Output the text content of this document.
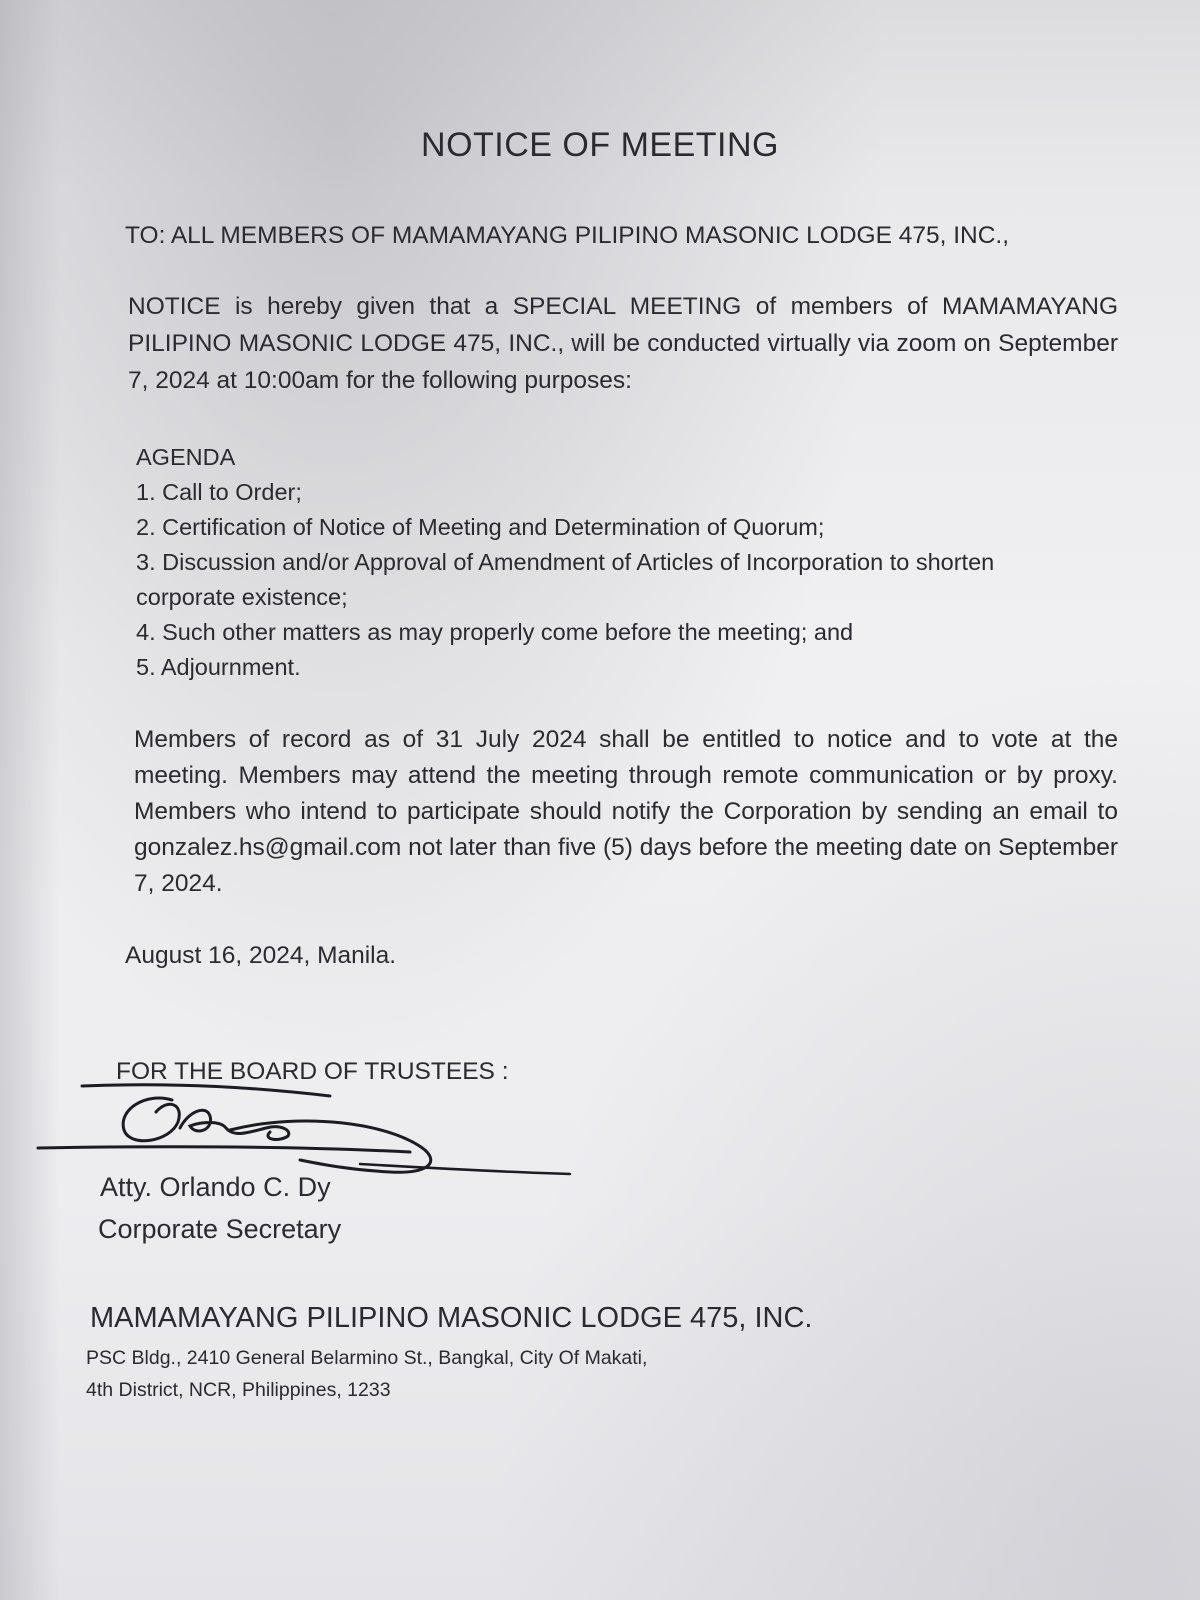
NOTICE OF MEETING
TO: ALL MEMBERS OF MAMAMAYANG PILIPINO MASONIC LODGE 475, INC.,
NOTICE is hereby given that a SPECIAL MEETING of members of MAMAMAYANG PILIPINO MASONIC LODGE 475, INC., will be conducted virtually via zoom on September 7, 2024 at 10:00am for the following purposes:
AGENDA
1. Call to Order;
2. Certification of Notice of Meeting and Determination of Quorum;
3. Discussion and/or Approval of Amendment of Articles of Incorporation to shorten corporate existence;
4. Such other matters as may properly come before the meeting; and
5. Adjournment.
Members of record as of 31 July 2024 shall be entitled to notice and to vote at the meeting. Members may attend the meeting through remote communication or by proxy. Members who intend to participate should notify the Corporation by sending an email to gonzalez.hs@gmail.com not later than five (5) days before the meeting date on September 7, 2024.
August 16, 2024, Manila.
FOR THE BOARD OF TRUSTEES :
Atty. Orlando C. Dy
Corporate Secretary
MAMAMAYANG PILIPINO MASONIC LODGE 475, INC.
PSC Bldg., 2410 General Belarmino St., Bangkal, City Of Makati,
4th District, NCR, Philippines, 1233
